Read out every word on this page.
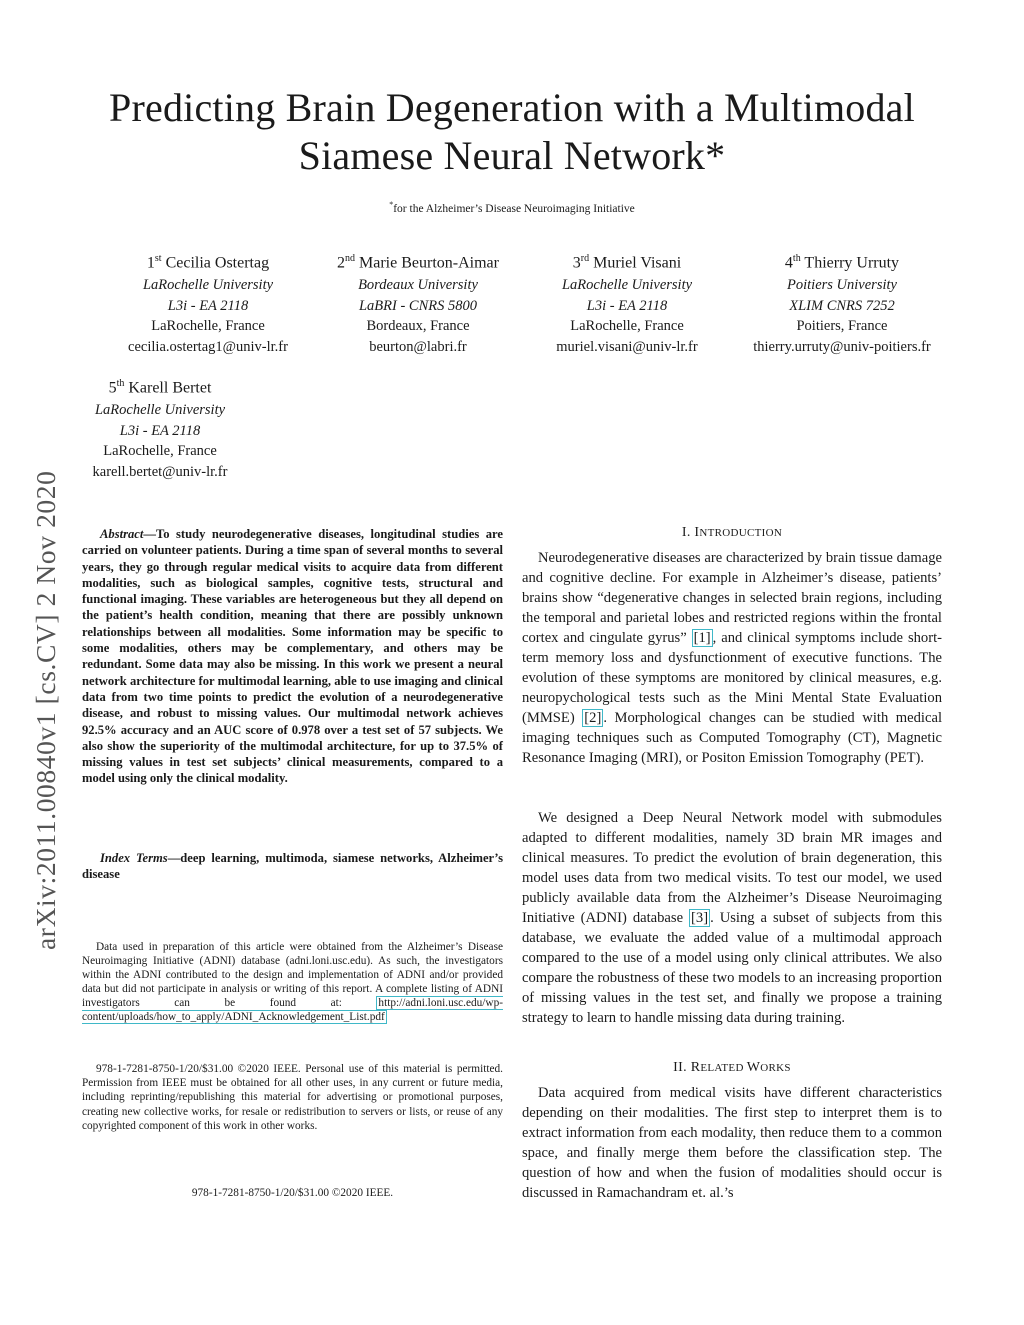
Predicting Brain Degeneration with a Multimodal
Siamese Neural Network*
*for the Alzheimer’s Disease Neuroimaging Initiative
1st Cecilia Ostertag
LaRochelle University
L3i - EA 2118
LaRochelle, France
cecilia.ostertag1@univ-lr.fr
2nd Marie Beurton-Aimar
Bordeaux University
LaBRI - CNRS 5800
Bordeaux, France
beurton@labri.fr
3rd Muriel Visani
LaRochelle University
L3i - EA 2118
LaRochelle, France
muriel.visani@univ-lr.fr
4th Thierry Urruty
Poitiers University
XLIM CNRS 7252
Poitiers, France
thierry.urruty@univ-poitiers.fr
5th Karell Bertet
LaRochelle University
L3i - EA 2118
LaRochelle, France
karell.bertet@univ-lr.fr
arXiv:2011.00840v1 [cs.CV] 2 Nov 2020	Abstract—To study neurodegenerative diseases, longitudinal studies are carried on volunteer patients. During a time span of several months to several years, they go through regular medical visits to acquire data from different modalities, such as biological samples, cognitive tests, structural and functional imaging. These variables are heterogeneous but they all depend on the patient’s health condition, meaning that there are possibly unknown relationships between all modalities. Some information may be specific to some modalities, others may be complementary, and others may be redundant. Some data may also be missing. In this work we present a neural network architecture for multimodal learning, able to use imaging and clinical data from two time points to predict the evolution of a neurodegenerative disease, and robust to missing values. Our multimodal network achieves 92.5% accuracy and an AUC score of 0.978 over a test set of 57 subjects. We also show the superiority of the multimodal architecture, for up to 37.5% of missing values in test set subjects’ clinical measurements, compared to a model using only the clinical modality.

Index Terms—deep learning, multimoda, siamese networks, Alzheimer’s disease

Data used in preparation of this article were obtained from the Alzheimer’s Disease Neuroimaging Initiative (ADNI) database (adni.loni.usc.edu). As such, the investigators within the ADNI contributed to the design and implementation of ADNI and/or provided data but did not participate in analysis or writing of this report. A complete listing of ADNI investigators can be found at: http://adni.loni.usc.edu/wp-content/uploads/how_to_apply/ADNI_Acknowledgement_List.pdf

978-1-7281-8750-1/20/$31.00 ©2020 IEEE. Personal use of this material is permitted. Permission from IEEE must be obtained for all other uses, in any current or future media, including reprinting/republishing this material for advertising or promotional purposes, creating new collective works, for resale or redistribution to servers or lists, or reuse of any copyrighted component of this work in other works.

978-1-7281-8750-1/20/$31.00 ©2020 IEEE.
I. INTRODUCTION

Neurodegenerative diseases are characterized by brain tissue damage and cognitive decline. For example in Alzheimer’s disease, patients’ brains show “degenerative changes in selected brain regions, including the temporal and parietal lobes and restricted regions within the frontal cortex and cingulate gyrus” [1] , and clinical symptoms include short-term memory loss and dysfunctionment of executive functions. The evolution of these symptoms are monitored by clinical measures, e.g. neuropychological tests such as the Mini Mental State Evaluation (MMSE) [2] . Morphological changes can be studied with medical imaging techniques such as Computed Tomography (CT), Magnetic Resonance Imaging (MRI), or Positon Emission Tomography (PET).

We designed a Deep Neural Network model with submodules adapted to different modalities, namely 3D brain MR images and clinical measures. To predict the evolution of brain degeneration, this model uses data from two medical visits. To test our model, we used publicly available data from the Alzheimer’s Disease Neuroimaging Initiative (ADNI) database [3] . Using a subset of subjects from this database, we evaluate the added value of a multimodal approach compared to the use of a model using only clinical attributes. We also compare the robustness of these two models to an increasing proportion of missing values in the test set, and finally we propose a training strategy to learn to handle missing data during training.

II. RELATED WORKS

Data acquired from medical visits have different characteristics depending on their modalities. The first step to interpret them is to extract information from each modality, then reduce them to a common space, and finally merge them before the classification step. The question of how and when the fusion of modalities should occur is discussed in Ramachandram et. al.’s
